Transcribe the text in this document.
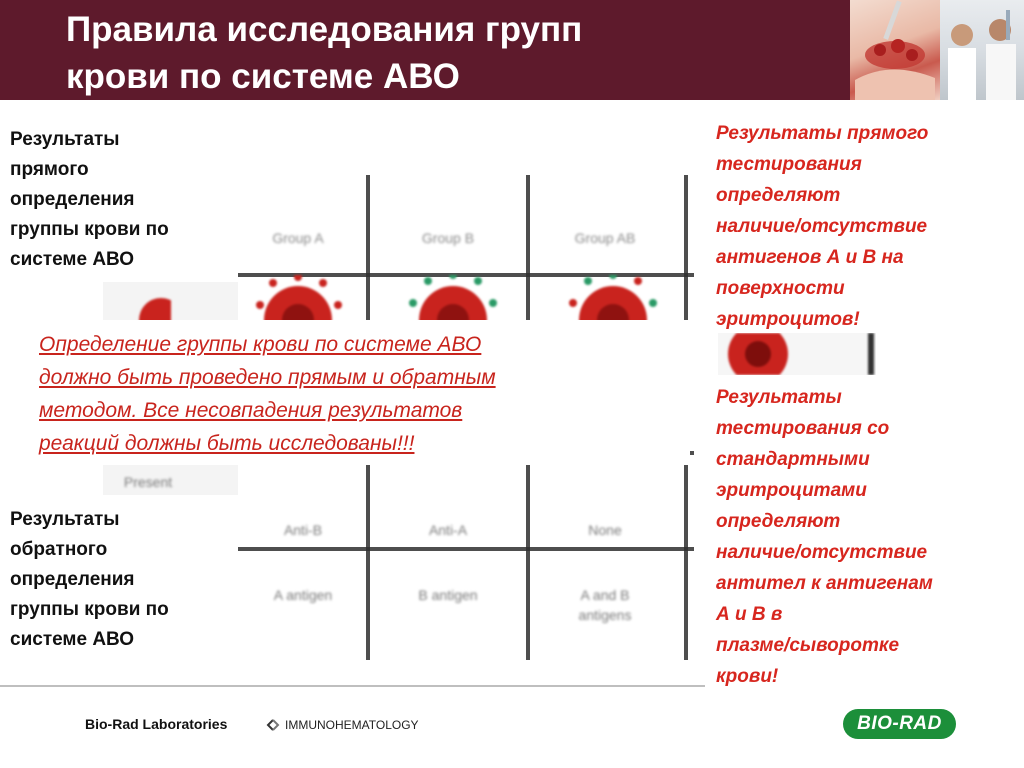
Правила исследования групп
крови по системе АВО
Present
Group A	Group B	Group AB
Anti-B	Anti-A	None
A antigen	B antigen	A and B
antigens
Результаты
прямого
определения
группы крови по
системе АВО
Результаты
обратного
определения
группы крови по
системе АВО
Результаты прямого
тестирования
определяют
наличие/отсутствие
антигенов А и В на
поверхности
эритроцитов!
Результаты
тестирования со
стандартными
эритроцитами
определяют
наличие/отсутствие
антител к антигенам
А и В в
плазме/сыворотке
крови!
Определение группы крови по системе АВО
должно быть проведено прямым и обратным
методом. Все несовпадения результатов
реакций должны быть исследованы!!!
Bio-Rad Laboratories	IMMUNOHEMATOLOGY	BIO-RAD
